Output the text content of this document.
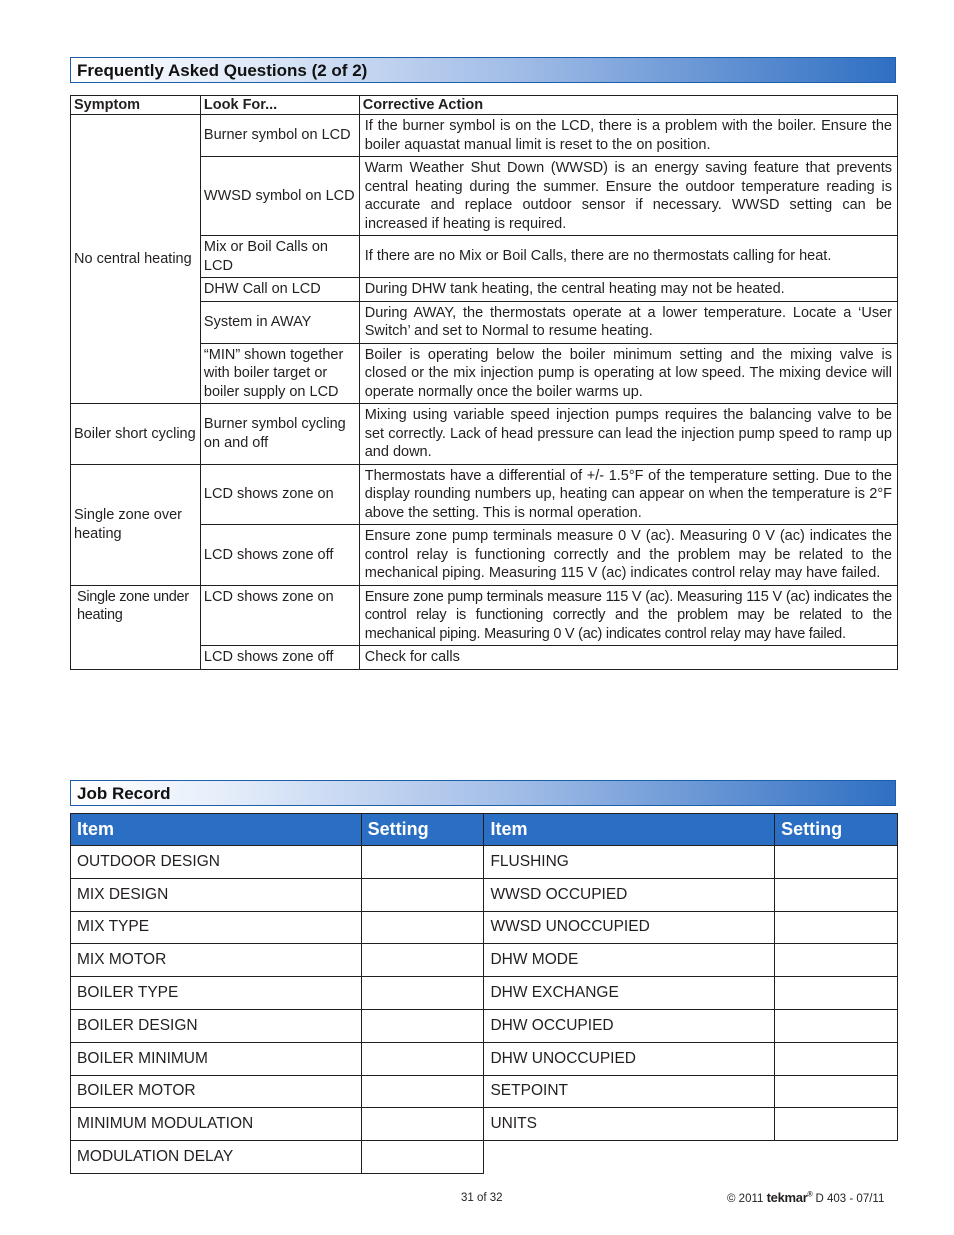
Frequently Asked Questions (2 of 2)
Symptom	Look For...	Corrective Action
No central heating	Burner symbol on LCD	If the burner symbol is on the LCD, there is a problem with the boiler. Ensure the boiler aquastat manual limit is reset to the on position.
	WWSD symbol on LCD	Warm Weather Shut Down (WWSD) is an energy saving feature that prevents central heating during the summer. Ensure the outdoor temperature reading is accurate and replace outdoor sensor if necessary. WWSD setting can be increased if heating is required.
	Mix or Boil Calls on LCD	If there are no Mix or Boil Calls, there are no thermostats calling for heat.
	DHW Call on LCD	During DHW tank heating, the central heating may not be heated.
	System in AWAY	During AWAY, the thermostats operate at a lower temperature. Locate a ‘User Switch’ and set to Normal to resume heating.
	“MIN” shown together with boiler target or boiler supply on LCD	Boiler is operating below the boiler minimum setting and the mixing valve is closed or the mix injection pump is operating at low speed. The mixing device will operate normally once the boiler warms up.
Boiler short cycling	Burner symbol cycling on and off	Mixing using variable speed injection pumps requires the balancing valve to be set correctly. Lack of head pressure can lead the injection pump speed to ramp up and down.
Single zone over heating	LCD shows zone on	Thermostats have a differential of +/- 1.5°F of the temperature setting. Due to the display rounding numbers up, heating can appear on when the temperature is 2°F above the setting. This is normal operation.
	LCD shows zone off	Ensure zone pump terminals measure 0 V (ac). Measuring 0 V (ac) indicates the control relay is functioning correctly and the problem may be related to the mechanical piping. Measuring 115 V (ac) indicates control relay may have failed.
Single zone under heating	LCD shows zone on	Ensure zone pump terminals measure 115 V (ac). Measuring 115 V (ac) indicates the control relay is functioning correctly and the problem may be related to the mechanical piping. Measuring 0 V (ac) indicates control relay may have failed.
	LCD shows zone off	Check for calls
Job Record
Item	Setting	Item	Setting
OUTDOOR DESIGN		FLUSHING	
MIX DESIGN		WWSD OCCUPIED	
MIX TYPE		WWSD UNOCCUPIED	
MIX MOTOR		DHW MODE	
BOILER TYPE		DHW EXCHANGE	
BOILER DESIGN		DHW OCCUPIED	
BOILER MINIMUM		DHW UNOCCUPIED	
BOILER MOTOR		SETPOINT	
MINIMUM MODULATION		UNITS	
MODULATION DELAY			
31 of 32	© 2011 tekmar® D 403 - 07/11
